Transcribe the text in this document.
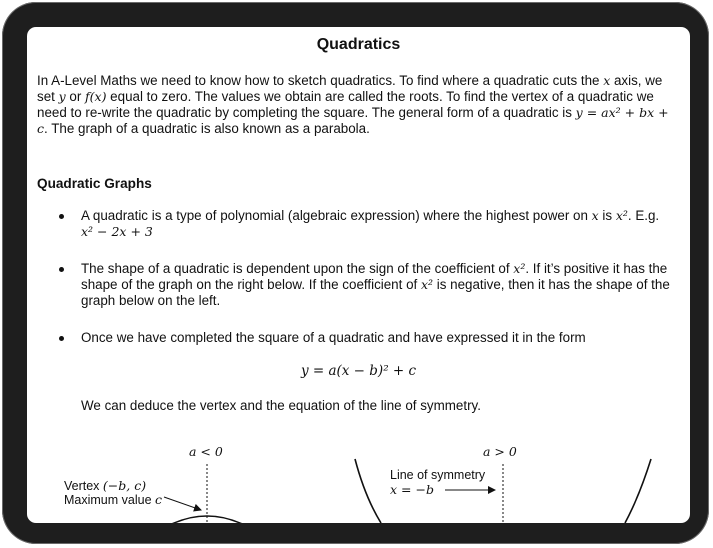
Quadratics

In A-Level Maths we need to know how to sketch quadratics. To find where a quadratic cuts the x axis, we set y or f(x) equal to zero. The values we obtain are called the roots. To find the vertex of a quadratic we need to re-write the quadratic by completing the square. The general form of a quadratic is y = ax² + bx + c. The graph of a quadratic is also known as a parabola.

Quadratic Graphs
A quadratic is a type of polynomial (algebraic expression) where the highest power on x is x². E.g. x² − 2x + 3
The shape of a quadratic is dependent upon the sign of the coefficient of x². If it’s positive it has the shape of the graph on the right below. If the coefficient of x² is negative, then it has the shape of the graph below on the left.
Once we have completed the square of a quadratic and have expressed it in the form
y = a(x − b)² + c
We can deduce the vertex and the equation of the line of symmetry.
a < 0
Vertex (−b, c)
Maximum value c
a > 0
Line of symmetry
x = −b
